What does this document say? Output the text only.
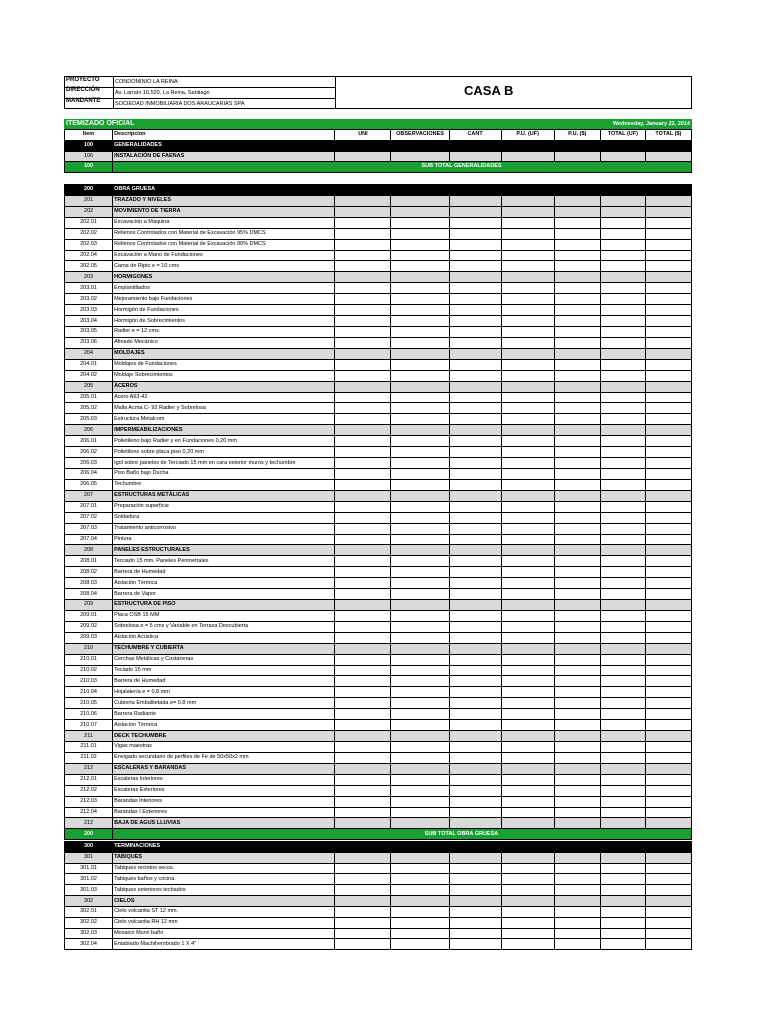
PROYECTO	CONDOMINIO LA REINA
DIRECCIÓN	Av. Larraín 10.520, La Reina, Santiago
MANDANTE	SOCIEDAD INMOBILIARIA DOS ARAUCARIAS SPA
CASA B
ITEMIZADO OFICIAL	Wednesday, January 22, 2014
Item	Descripcion	UNI	OBSERVACIONES	CANT	P.U. (UF)	P.U. ($)	TOTAL (UF)	TOTAL ($)
100	GENERALIDADES							
106	INSTALACIÓN DE FAENAS							
100	SUB TOTAL GENERALIDADES							
200	OBRA GRUESA							
201	TRAZADO Y NIVELES							
202	MOVIMIENTO DE TIERRA							
202.01	Excavación a Máquina							
202.02	Rellenos Controlados con Material de Excavación 95% DMCS							
202.03	Rellenos Controlados con Material de Excavación 90% DMCS							
202.04	Excavación a Mano de Fundaciones							
202.05	Cama de Ripio e = 10 cms							
203	HORMIGONES							
203.01	Emplantillados							
203.02	Mejoramiento bajo Fundaciones							
203.03	Hormigón de Fundaciones							
203.04	Hormigón de Sobrecimientos							
203.05	Radier e = 12 cms.							
203.06	Afinado Mecánico							
204	MOLDAJES							
204.01	Moldajes de Fundaciones							
204.02	Moldaje Sobrecimientos							
205	ACEROS							
205.01	Acero A63-42							
205.02	Malla Acma C- 92 Radier y Sobrelosa							
205.03	Estructura Metalcom							
206	IMPERMEABILIZACIONES							
206.01	Polietileno bajo Radier y en Fundaciones 0,20 mm							
206.02	Polietileno sobre placa piso 0,20 mm							
206.03	Igol sobre paneles de Terciado 15 mm en cara exterior muros y techumbre							
206.04	Piso Baño bajo Ducha							
206.05	Techumbre							
207	ESTRUCTURAS METÁLICAS							
207.01	Preparación superficie							
207.02	Soldadura							
207.03	Tratamiento anticorrosivo							
207.04	Pintura							
208	PANELES ESTRUCTURALES							
208.01	Terciado 15 mm. Paneles Perimetrales							
208.02	Barrera de Humedad							
208.03	Aislación Térmica							
208.04	Barrera de Vapor							
209	ESTRUCTURA DE PISO							
209.01	Placa OSB 15 MM							
209.02	Sobrelosa e = 5 cms y Variable en Terraza Descubierta							
209.03	Aislación Acústica							
210	TECHUMBRE Y CUBIERTA							
210.01	Cerchas Metálicas y Costaneras							
210.02	Teciado 15 mm							
210.03	Barrera de Humedad							
210.04	Hojalatería e = 0.8 mm							
210.05	Cubierta Embalitetada e= 0.8 mm							
210.06	Barrera Radiante							
210.07	Aislación Térmica							
211	DECK TECHUMBRE							
211.01	Vigas maestras							
211.02	Envigado secundario de perfiles de Fe de 50x50x2 mm							
212	ESCALERAS Y BARANDAS							
212.01	Escaleras Interiores							
212.02	Escaleras Exteriores							
212.03	Barandas Interiores							
212.04	Barandas I Exteriores							
212	BAJA DE AGUS LLUVIAS							
200	SUB TOTAL OBRA GRUESA							
300	TERMINACIONES							
301	TABIQUES							
301.01	Tabiques recintos secos.							
301.02	Tabiques baños y cocina.							
301.03	Tabiques exteriores techados							
302	CIELOS							
302.01	Cielo volcanita ST 12 mm.							
302.02	Cielo volcanita RH 12 mm							
302.03	Mosaico Murvi baño							
302.04	Entablado Machihembrado 1 X 4"							
